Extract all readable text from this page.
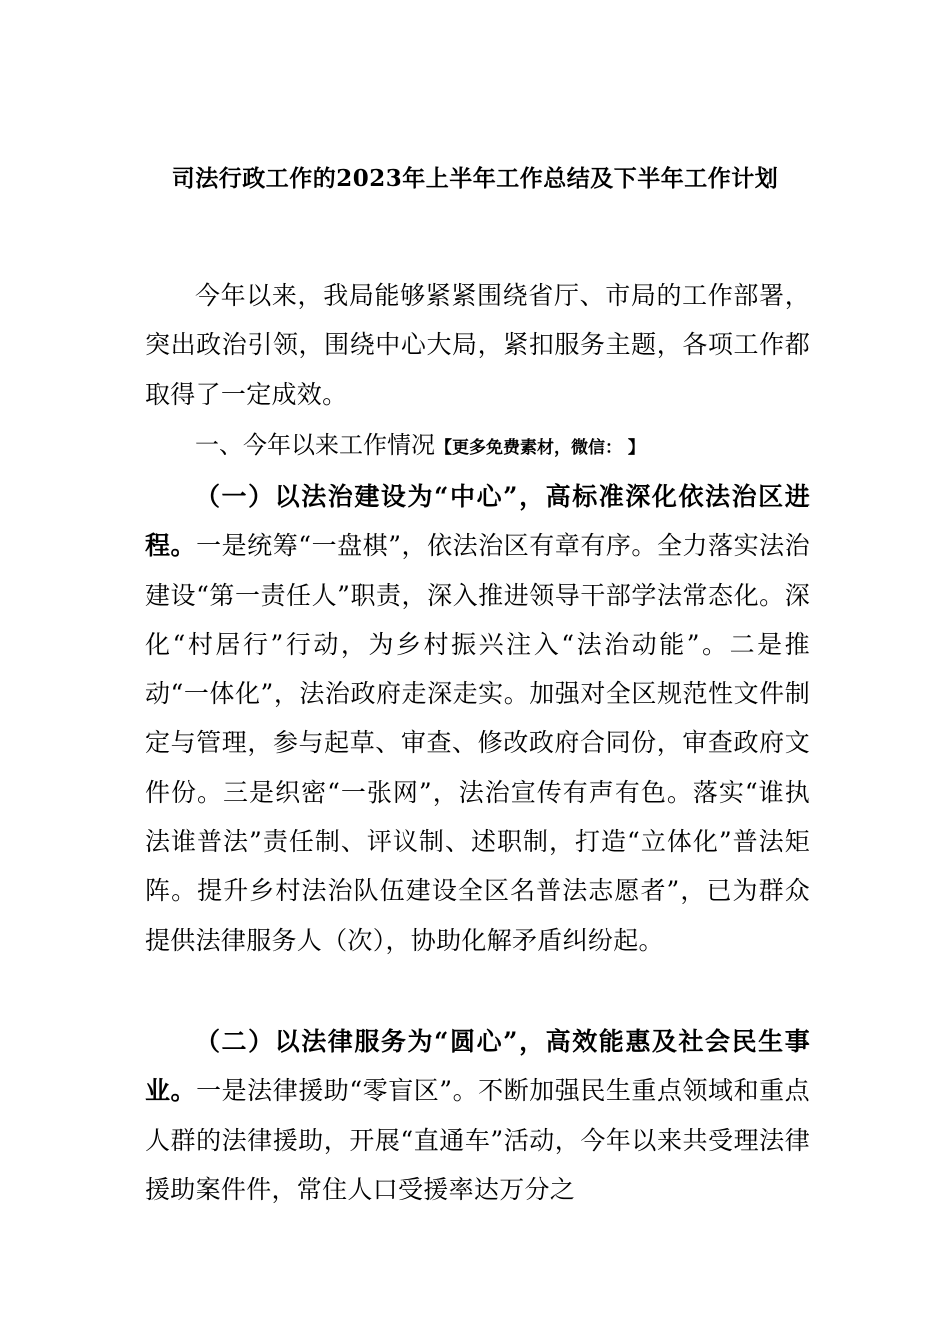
司法行政工作的2023年上半年工作总结及下半年工作计划

今年以来，我局能够紧紧围绕省厅、市局的工作部署，突出政治引领，围绕中心大局，紧扣服务主题，各项工作都取得了一定成效。

一、今年以来工作情况【更多免费素材，微信： 】

（一）以法治建设为“中心”，高标准深化依法治区进程。一是统筹“一盘棋”，依法治区有章有序。全力落实法治建设“第一责任人”职责，深入推进领导干部学法常态化。深化“村居行”行动，为乡村振兴注入“法治动能”。二是推动“一体化”，法治政府走深走实。加强对全区规范性文件制定与管理，参与起草、审查、修改政府合同份，审查政府文件份。三是织密“一张网”，法治宣传有声有色。落实“谁执法谁普法”责任制、评议制、述职制，打造“立体化”普法矩阵。提升乡村法治队伍建设全区名普法志愿者”，已为群众提供法律服务人（次），协助化解矛盾纠纷起。

（二）以法律服务为“圆心”，高效能惠及社会民生事业。一是法律援助“零盲区”。不断加强民生重点领域和重点人群的法律援助，开展“直通车”活动，今年以来共受理法律援助案件件，常住人口受援率达万分之
